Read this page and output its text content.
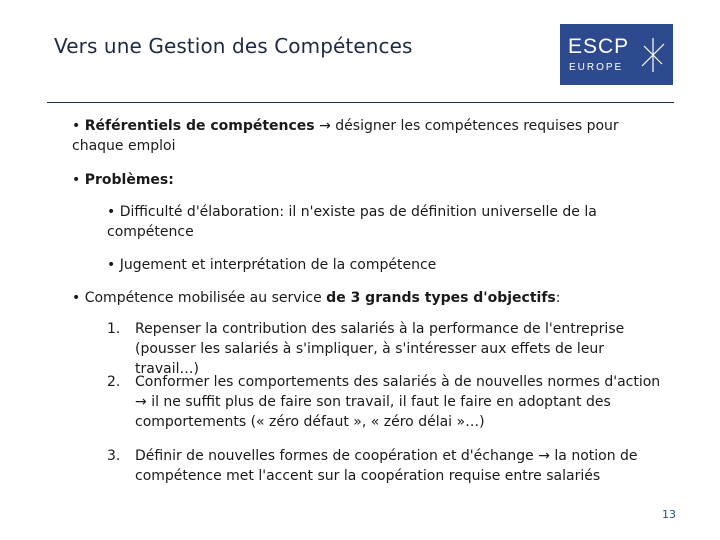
Vers une Gestion des Compétences	ESCP
EUROPE
• Référentiels de compétences → désigner les compétences requises pour chaque emploi
• Problèmes:
• Difficulté d'élaboration: il n'existe pas de définition universelle de la compétence
• Jugement et interprétation de la compétence
• Compétence mobilisée au service de 3 grands types d'objectifs:
1. Repenser la contribution des salariés à la performance de l'entreprise (pousser les salariés à s'impliquer, à s'intéresser aux effets de leur travail…)
2. Conformer les comportements des salariés à de nouvelles normes d'action
→ il ne suffit plus de faire son travail, il faut le faire en adoptant des comportements (« zéro défaut », « zéro délai »…)
3. Définir de nouvelles formes de coopération et d'échange → la notion de compétence met l'accent sur la coopération requise entre salariés
13
